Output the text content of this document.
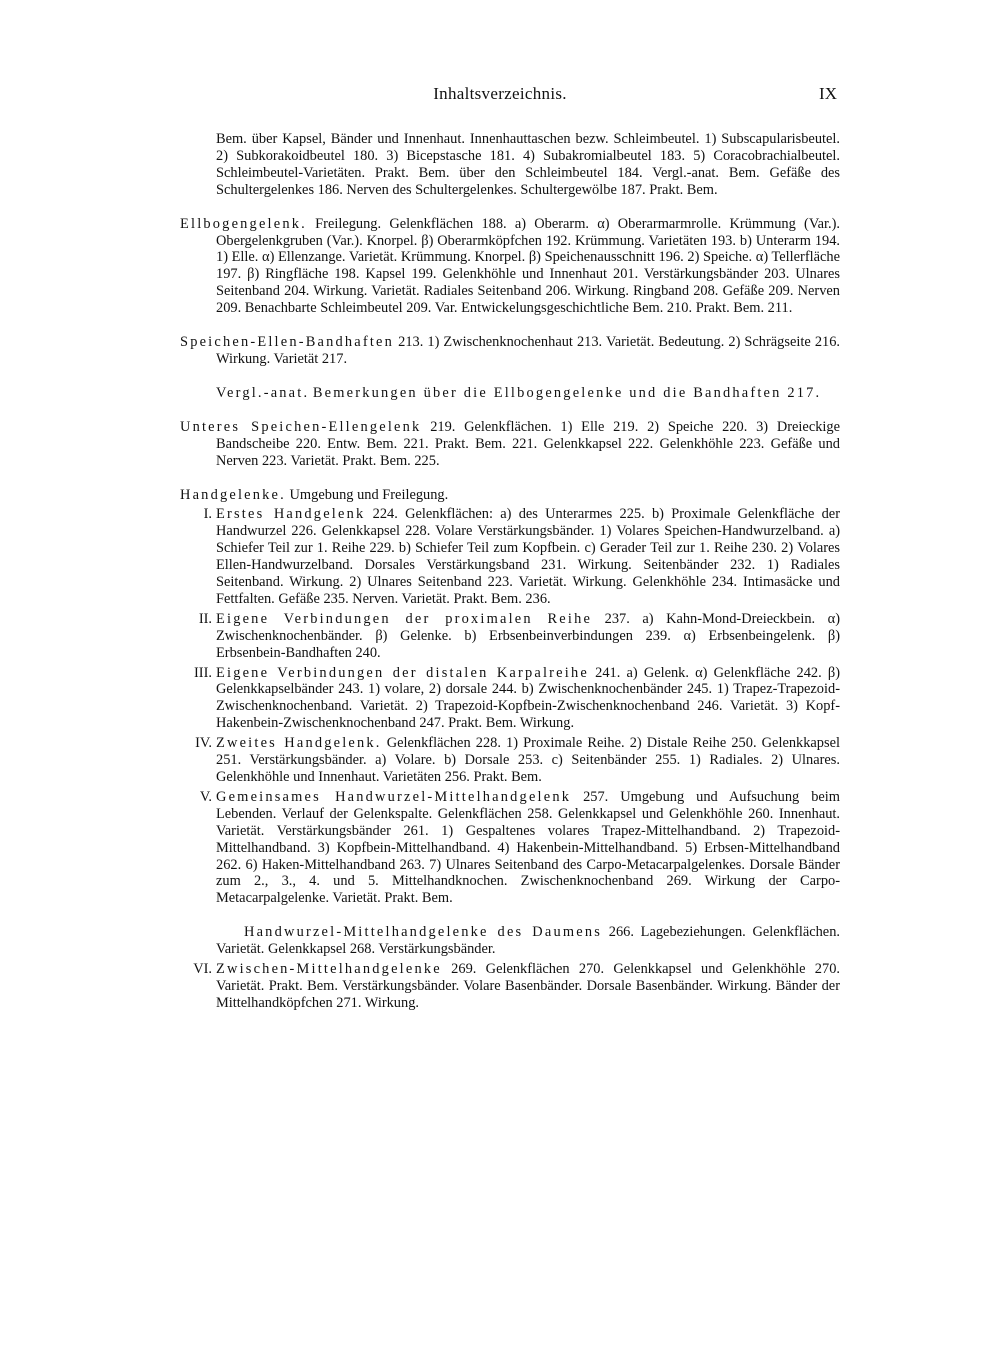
Inhaltsverzeichnis.	IX

Bem. über Kapsel, Bänder und Innenhaut. Innenhauttaschen bezw. Schleimbeutel. 1) Subscapularisbeutel. 2) Subkorakoidbeutel 180. 3) Bicepstasche 181. 4) Subakromialbeutel 183. 5) Coracobrachialbeutel. Schleimbeutel-Varietäten. Prakt. Bem. über den Schleimbeutel 184. Vergl.-anat. Bem. Gefäße des Schultergelenkes 186. Nerven des Schultergelenkes. Schultergewölbe 187. Prakt. Bem.

Ellbogengelenk. Freilegung. Gelenkflächen 188. a) Oberarm. α) Oberarmarmrolle. Krümmung (Var.). Obergelenkgruben (Var.). Knorpel. β) Oberarmköpfchen 192. Krümmung. Varietäten 193. b) Unterarm 194. 1) Elle. α) Ellenzange. Varietät. Krümmung. Knorpel. β) Speichenausschnitt 196. 2) Speiche. α) Tellerfläche 197. β) Ringfläche 198. Kapsel 199. Gelenkhöhle und Innenhaut 201. Verstärkungsbänder 203. Ulnares Seitenband 204. Wirkung. Varietät. Radiales Seitenband 206. Wirkung. Ringband 208. Gefäße 209. Nerven 209. Benachbarte Schleimbeutel 209. Var. Entwickelungsgeschichtliche Bem. 210. Prakt. Bem. 211.

Speichen-Ellen-Bandhaften 213. 1) Zwischenknochenhaut 213. Varietät. Bedeutung. 2) Schrägseite 216. Wirkung. Varietät 217.

Vergl.-anat. Bemerkungen über die Ellbogengelenke und die Bandhaften 217.

Unteres Speichen-Ellengelenk 219. Gelenkflächen. 1) Elle 219. 2) Speiche 220. 3) Dreieckige Bandscheibe 220. Entw. Bem. 221. Prakt. Bem. 221. Gelenkkapsel 222. Gelenkhöhle 223. Gefäße und Nerven 223. Varietät. Prakt. Bem. 225.

Handgelenke. Umgebung und Freilegung.

I. Erstes Handgelenk 224. Gelenkflächen: a) des Unterarmes 225. b) Proximale Gelenkfläche der Handwurzel 226. Gelenkkapsel 228. Volare Verstärkungsbänder. 1) Volares Speichen-Handwurzelband. a) Schiefer Teil zur 1. Reihe 229. b) Schiefer Teil zum Kopfbein. c) Gerader Teil zur 1. Reihe 230. 2) Volares Ellen-Handwurzelband. Dorsales Verstärkungsband 231. Wirkung. Seitenbänder 232. 1) Radiales Seitenband. Wirkung. 2) Ulnares Seitenband 223. Varietät. Wirkung. Gelenkhöhle 234. Intimasäcke und Fettfalten. Gefäße 235. Nerven. Varietät. Prakt. Bem. 236.

II. Eigene Verbindungen der proximalen Reihe 237. a) Kahn-Mond-Dreieckbein. α) Zwischenknochenbänder. β) Gelenke. b) Erbsenbeinverbindungen 239. α) Erbsenbeingelenk. β) Erbsenbein-Bandhaften 240.

III. Eigene Verbindungen der distalen Karpalreihe 241. a) Gelenk. α) Gelenkfläche 242. β) Gelenkkapselbänder 243. 1) volare, 2) dorsale 244. b) Zwischenknochenbänder 245. 1) Trapez-Trapezoid-Zwischenknochenband. Varietät. 2) Trapezoid-Kopfbein-Zwischenknochenband 246. Varietät. 3) Kopf-Hakenbein-Zwischenknochenband 247. Prakt. Bem. Wirkung.

IV. Zweites Handgelenk. Gelenkflächen 228. 1) Proximale Reihe. 2) Distale Reihe 250. Gelenkkapsel 251. Verstärkungsbänder. a) Volare. b) Dorsale 253. c) Seitenbänder 255. 1) Radiales. 2) Ulnares. Gelenkhöhle und Innenhaut. Varietäten 256. Prakt. Bem.

V. Gemeinsames Handwurzel-Mittelhandgelenk 257. Umgebung und Aufsuchung beim Lebenden. Verlauf der Gelenkspalte. Gelenkflächen 258. Gelenkkapsel und Gelenkhöhle 260. Innenhaut. Varietät. Verstärkungsbänder 261. 1) Gespaltenes volares Trapez-Mittelhandband. 2) Trapezoid-Mittelhandband. 3) Kopfbein-Mittelhandband. 4) Hakenbein-Mittelhandband. 5) Erbsen-Mittelhandband 262. 6) Haken-Mittelhandband 263. 7) Ulnares Seitenband des Carpo-Metacarpalgelenkes. Dorsale Bänder zum 2., 3., 4. und 5. Mittelhandknochen. Zwischenknochenband 269. Wirkung der Carpo-Metacarpalgelenke. Varietät. Prakt. Bem.

Handwurzel-Mittelhandgelenke des Daumens 266. Lagebeziehungen. Gelenkflächen. Varietät. Gelenkkapsel 268. Verstärkungsbänder.

VI. Zwischen-Mittelhandgelenke 269. Gelenkflächen 270. Gelenkkapsel und Gelenkhöhle 270. Varietät. Prakt. Bem. Verstärkungsbänder. Volare Basenbänder. Dorsale Basenbänder. Wirkung. Bänder der Mittelhandköpfchen 271. Wirkung.
